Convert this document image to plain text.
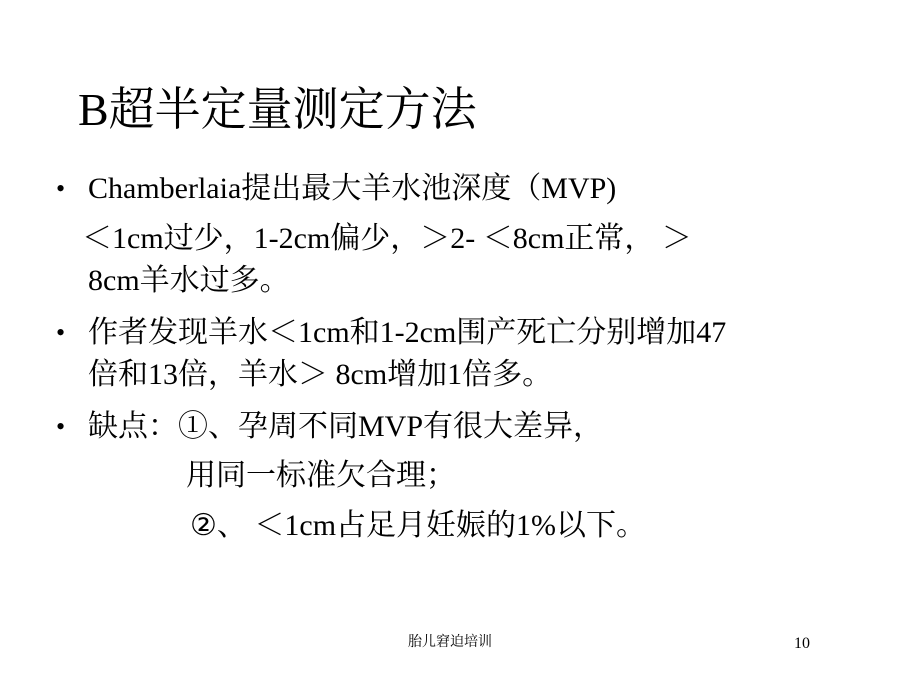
B超半定量测定方法
• Chamberlaia提出最大羊水池深度（MVP)

＜1cm过少，1-2cm偏少，＞2- ＜8cm正常， ＞

8cm羊水过多。

• 作者发现羊水＜1cm和1-2cm围产死亡分别增加47

倍和13倍，羊水＞ 8cm增加1倍多。

• 缺点：①、孕周不同MVP有很大差异，

用同一标准欠合理；

②、 ＜1cm占足月妊娠的1%以下。

胎儿窘迫培训	10
